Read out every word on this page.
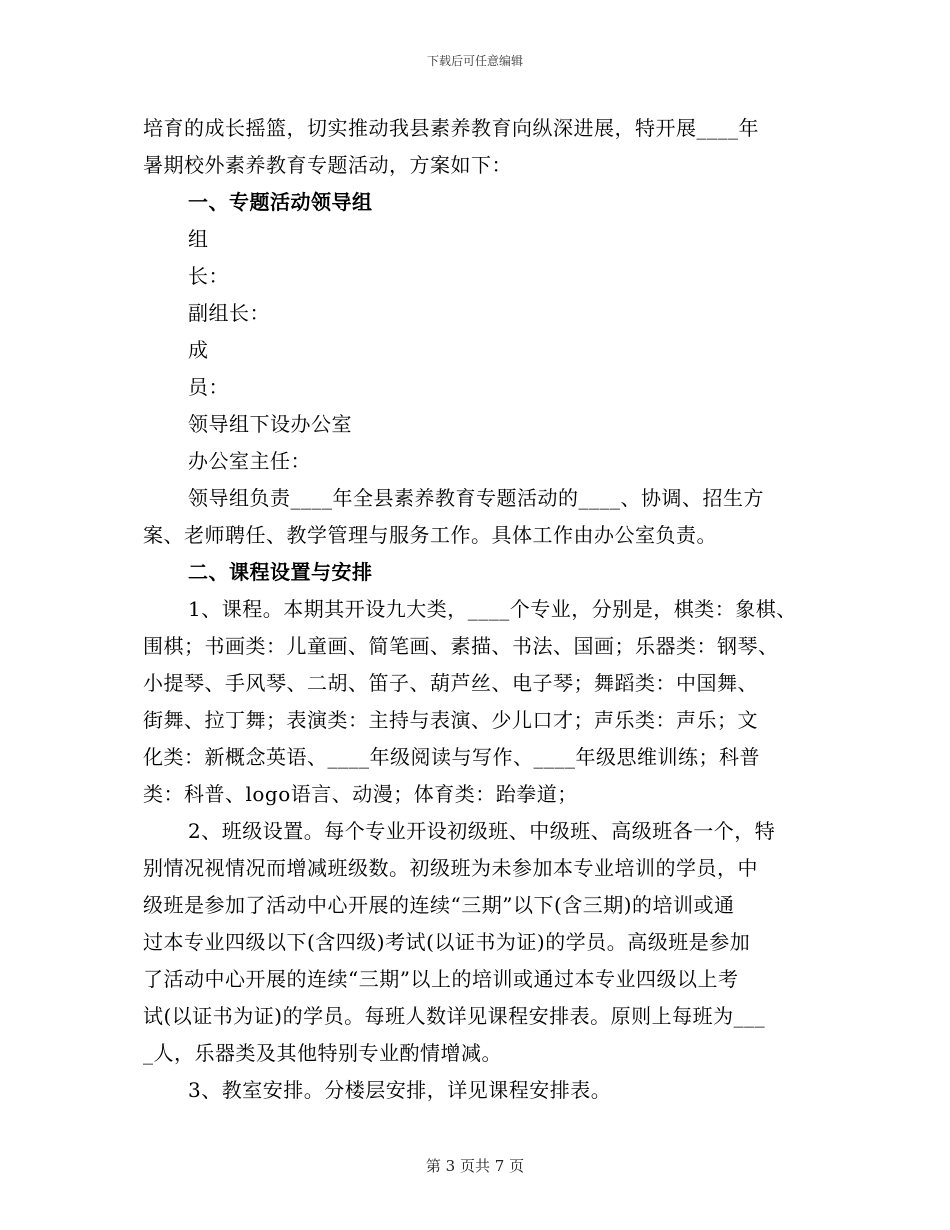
下载后可任意编辑
培育的成长摇篮，切实推动我县素养教育向纵深进展，特开展____年
暑期校外素养教育专题活动，方案如下：
一、专题活动领导组
组
长：
副组长：
成
员：
领导组下设办公室
办公室主任：
领导组负责____年全县素养教育专题活动的____、协调、招生方
案、老师聘任、教学管理与服务工作。具体工作由办公室负责。
二、课程设置与安排
1、课程。本期其开设九大类，____个专业，分别是，棋类：象棋、
围棋；书画类：儿童画、简笔画、素描、书法、国画；乐器类：钢琴、
小提琴、手风琴、二胡、笛子、葫芦丝、电子琴；舞蹈类：中国舞、
街舞、拉丁舞；表演类：主持与表演、少儿口才；声乐类：声乐；文
化类：新概念英语、____年级阅读与写作、____年级思维训练；科普
类：科普、logo语言、动漫；体育类：跆拳道；
2、班级设置。每个专业开设初级班、中级班、高级班各一个，特
别情况视情况而增减班级数。初级班为未参加本专业培训的学员，中
级班是参加了活动中心开展的连续“三期”以下(含三期)的培训或通
过本专业四级以下(含四级)考试(以证书为证)的学员。高级班是参加
了活动中心开展的连续“三期”以上的培训或通过本专业四级以上考
试(以证书为证)的学员。每班人数详见课程安排表。原则上每班为___
_人，乐器类及其他特别专业酌情增减。
3、教室安排。分楼层安排，详见课程安排表。
第 3 页共 7 页
